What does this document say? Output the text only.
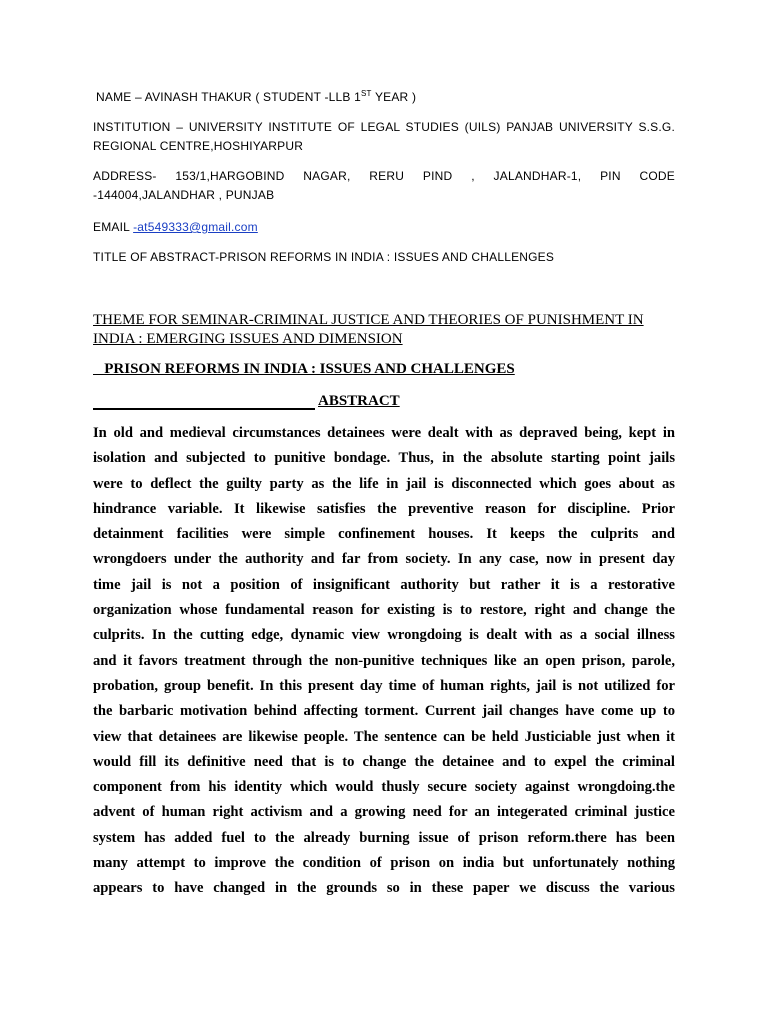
NAME – AVINASH THAKUR ( STUDENT -LLB 1ST YEAR )
INSTITUTION – UNIVERSITY INSTITUTE OF LEGAL STUDIES (UILS) PANJAB UNIVERSITY S.S.G. REGIONAL CENTRE,HOSHIYARPUR
ADDRESS- 153/1,HARGOBIND NAGAR, RERU PIND , JALANDHAR-1, PIN CODE -144004,JALANDHAR , PUNJAB
EMAIL -at549333@gmail.com
TITLE OF ABSTRACT-PRISON REFORMS IN INDIA : ISSUES AND CHALLENGES
THEME FOR SEMINAR-CRIMINAL JUSTICE AND THEORIES OF PUNISHMENT IN INDIA : EMERGING ISSUES AND DIMENSION
PRISON REFORMS IN INDIA : ISSUES AND CHALLENGES
ABSTRACT
In old and medieval circumstances detainees were dealt with as depraved being, kept in
isolation and subjected to punitive bondage. Thus, in the absolute starting point jails
were to deflect the guilty party as the life in jail is disconnected which goes about as
hindrance variable. It likewise satisfies the preventive reason for discipline. Prior
detainment facilities were simple confinement houses. It keeps the culprits and
wrongdoers under the authority and far from society. In any case, now in present day
time jail is not a position of insignificant authority but rather it is a restorative
organization whose fundamental reason for existing is to restore, right and change the
culprits. In the cutting edge, dynamic view wrongdoing is dealt with as a social illness
and it favors treatment through the non-punitive techniques like an open prison, parole,
probation, group benefit. In this present day time of human rights, jail is not utilized for
the barbaric motivation behind affecting torment. Current jail changes have come up to
view that detainees are likewise people. The sentence can be held Justiciable just when it
would fill its definitive need that is to change the detainee and to expel the criminal
component from his identity which would thusly secure society against wrongdoing.the
advent of human right activism and a growing need for an integerated criminal justice
system has added fuel to the already burning issue of prison reform.there has been
many attempt to improve the condition of prison on india but unfortunately nothing
appears to have changed in the grounds so in these paper we discuss the various
